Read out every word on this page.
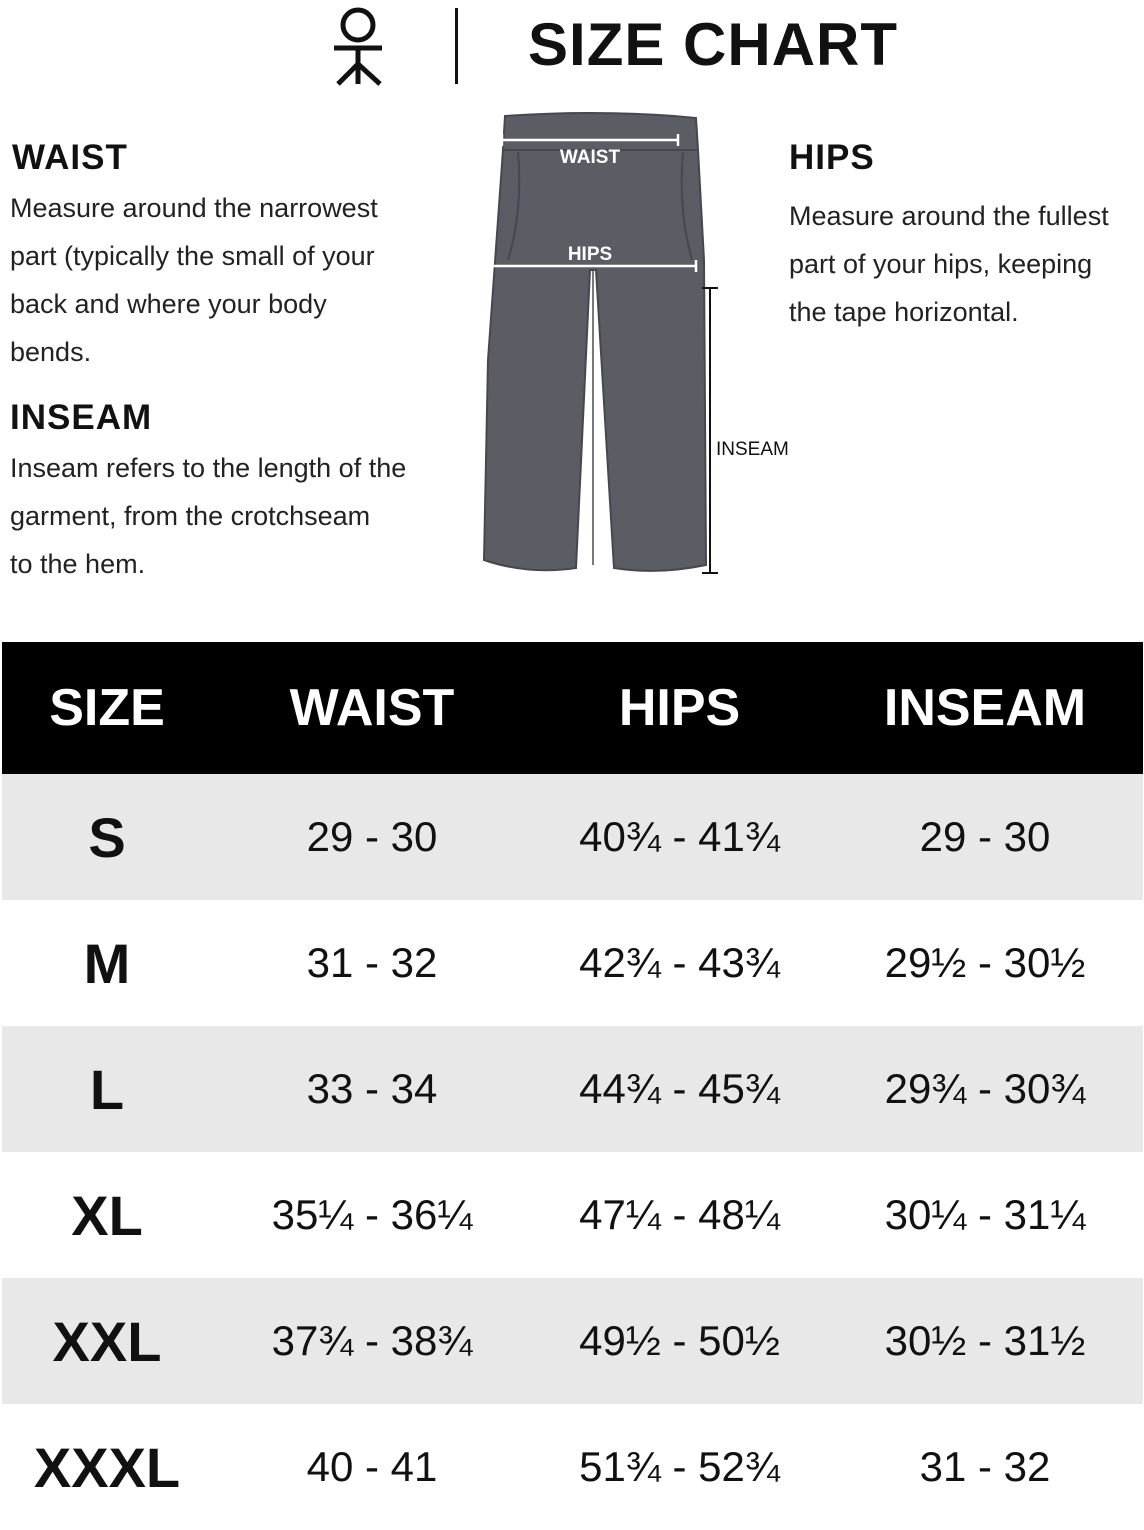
SIZE CHART
WAIST
Measure around the narrowest
part (typically the small of your
back and where your body
bends.
INSEAM
Inseam refers to the length of the
garment, from the crotchseam
to the hem.
HIPS
Measure around the fullest
part of your hips, keeping
the tape horizontal.
WAIST
HIPS
INSEAM
SIZE	WAIST	HIPS	INSEAM
S	29 - 30	40¾ - 41¾	29 - 30
M	31 - 32	42¾ - 43¾	29½ - 30½
L	33 - 34	44¾ - 45¾	29¾ - 30¾
XL	35¼ - 36¼	47¼ - 48¼	30¼ - 31¼
XXL	37¾ - 38¾	49½ - 50½	30½ - 31½
XXXL	40 - 41	51¾ - 52¾	31 - 32
